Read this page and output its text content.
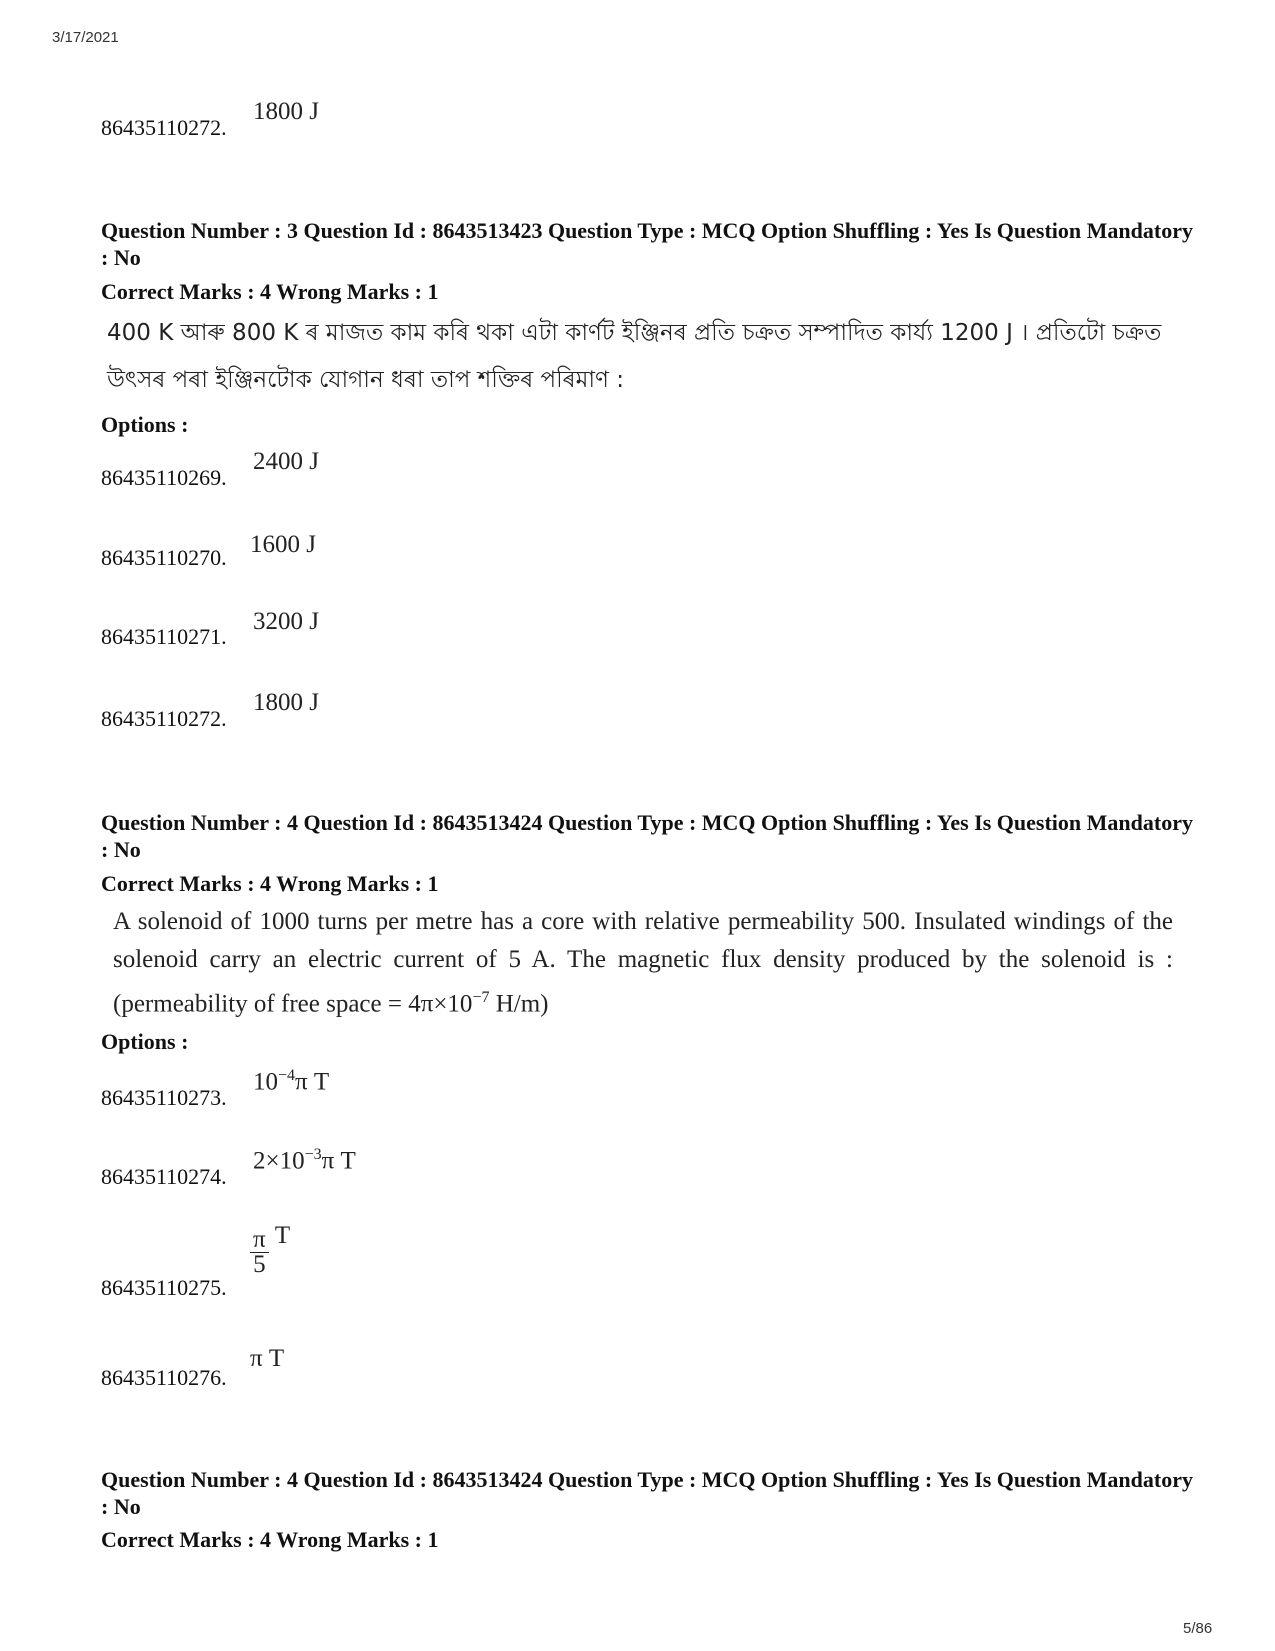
3/17/2021
5/86
86435110272.
1800 J
Question Number : 3 Question Id : 8643513423 Question Type : MCQ Option Shuffling : Yes Is Question Mandatory : No
Correct Marks : 4 Wrong Marks : 1
400 K আৰু 800 K ৰ মাজত কাম কৰি থকা এটা কাৰ্ণট ইঞ্জিনৰ প্ৰতি চক্ৰত সম্পাদিত কাৰ্য্য 1200 J । প্ৰতিটো চক্ৰত
উৎসৰ পৰা ইঞ্জিনটোক যোগান ধৰা তাপ শক্তিৰ পৰিমাণ :
Options :
86435110269.
2400 J
86435110270. 1600 J
86435110271.
3200 J
86435110272.
1800 J
Question Number : 4 Question Id : 8643513424 Question Type : MCQ Option Shuffling : Yes Is Question Mandatory : No
Correct Marks : 4 Wrong Marks : 1
A solenoid of 1000 turns per metre has a core with relative permeability 500. Insulated windings of the solenoid carry an electric current of 5 A. The magnetic flux density produced by the solenoid is : (permeability of free space = $4\pi\times 10^{-7}$ H/m)
Options :
86435110273.
$10^{-4}\pi$ T
86435110274.
$2\times 10^{-3}\pi$ T
86435110275.
$\frac{\pi}{5}$ T
86435110276.
π T
Question Number : 4 Question Id : 8643513424 Question Type : MCQ Option Shuffling : Yes Is Question Mandatory : No
Correct Marks : 4 Wrong Marks : 1
